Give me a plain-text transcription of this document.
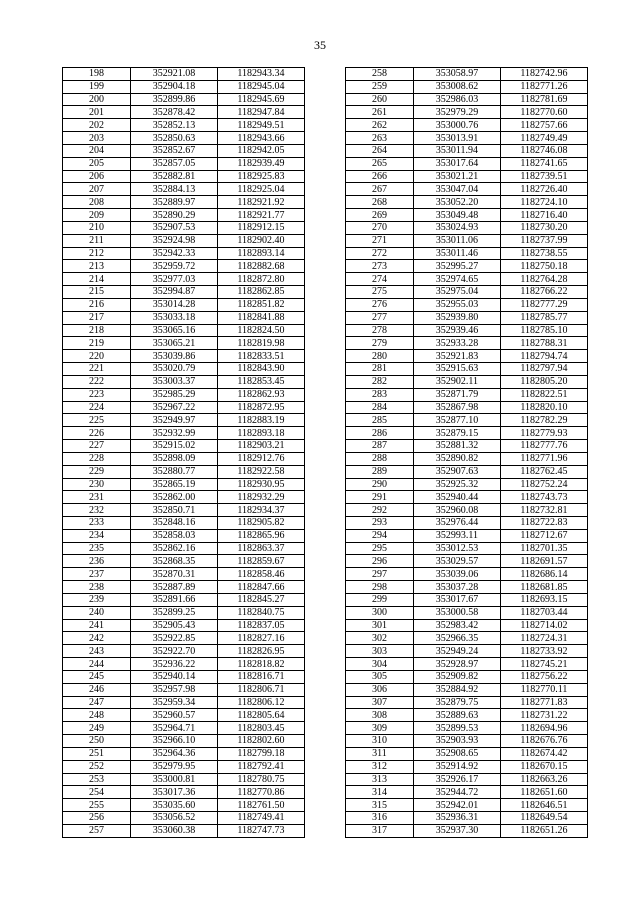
35
198	352921.08	1182943.34
199	352904.18	1182945.04
200	352899.86	1182945.69
201	352878.42	1182947.84
202	352852.13	1182949.51
203	352850.63	1182943.66
204	352852.67	1182942.05
205	352857.05	1182939.49
206	352882.81	1182925.83
207	352884.13	1182925.04
208	352889.97	1182921.92
209	352890.29	1182921.77
210	352907.53	1182912.15
211	352924.98	1182902.40
212	352942.33	1182893.14
213	352959.72	1182882.68
214	352977.03	1182872.80
215	352994.87	1182862.85
216	353014.28	1182851.82
217	353033.18	1182841.88
218	353065.16	1182824.50
219	353065.21	1182819.98
220	353039.86	1182833.51
221	353020.79	1182843.90
222	353003.37	1182853.45
223	352985.29	1182862.93
224	352967.22	1182872.95
225	352949.97	1182883.19
226	352932.99	1182893.18
227	352915.02	1182903.21
228	352898.09	1182912.76
229	352880.77	1182922.58
230	352865.19	1182930.95
231	352862.00	1182932.29
232	352850.71	1182934.37
233	352848.16	1182905.82
234	352858.03	1182865.96
235	352862.16	1182863.37
236	352868.35	1182859.67
237	352870.31	1182858.46
238	352887.89	1182847.66
239	352891.66	1182845.27
240	352899.25	1182840.75
241	352905.43	1182837.05
242	352922.85	1182827.16
243	352922.70	1182826.95
244	352936.22	1182818.82
245	352940.14	1182816.71
246	352957.98	1182806.71
247	352959.34	1182806.12
248	352960.57	1182805.64
249	352964.71	1182803.45
250	352966.10	1182802.60
251	352964.36	1182799.18
252	352979.95	1182792.41
253	353000.81	1182780.75
254	353017.36	1182770.86
255	353035.60	1182761.50
256	353056.52	1182749.41
257	353060.38	1182747.73
258	353058.97	1182742.96
259	353008.62	1182771.26
260	352986.03	1182781.69
261	352979.29	1182770.60
262	353000.76	1182757.66
263	353013.91	1182749.49
264	353011.94	1182746.08
265	353017.64	1182741.65
266	353021.21	1182739.51
267	353047.04	1182726.40
268	353052.20	1182724.10
269	353049.48	1182716.40
270	353024.93	1182730.20
271	353011.06	1182737.99
272	353011.46	1182738.55
273	352995.27	1182750.18
274	352974.65	1182764.28
275	352975.04	1182766.22
276	352955.03	1182777.29
277	352939.80	1182785.77
278	352939.46	1182785.10
279	352933.28	1182788.31
280	352921.83	1182794.74
281	352915.63	1182797.94
282	352902.11	1182805.20
283	352871.79	1182822.51
284	352867.98	1182820.10
285	352877.10	1182782.29
286	352879.15	1182779.93
287	352881.32	1182777.76
288	352890.82	1182771.96
289	352907.63	1182762.45
290	352925.32	1182752.24
291	352940.44	1182743.73
292	352960.08	1182732.81
293	352976.44	1182722.83
294	352993.11	1182712.67
295	353012.53	1182701.35
296	353029.57	1182691.57
297	353039.06	1182686.14
298	353037.28	1182681.85
299	353017.67	1182693.15
300	353000.58	1182703.44
301	352983.42	1182714.02
302	352966.35	1182724.31
303	352949.24	1182733.92
304	352928.97	1182745.21
305	352909.82	1182756.22
306	352884.92	1182770.11
307	352879.75	1182771.83
308	352889.63	1182731.22
309	352899.53	1182694.96
310	352903.93	1182676.76
311	352908.65	1182674.42
312	352914.92	1182670.15
313	352926.17	1182663.26
314	352944.72	1182651.60
315	352942.01	1182646.51
316	352936.31	1182649.54
317	352937.30	1182651.26
